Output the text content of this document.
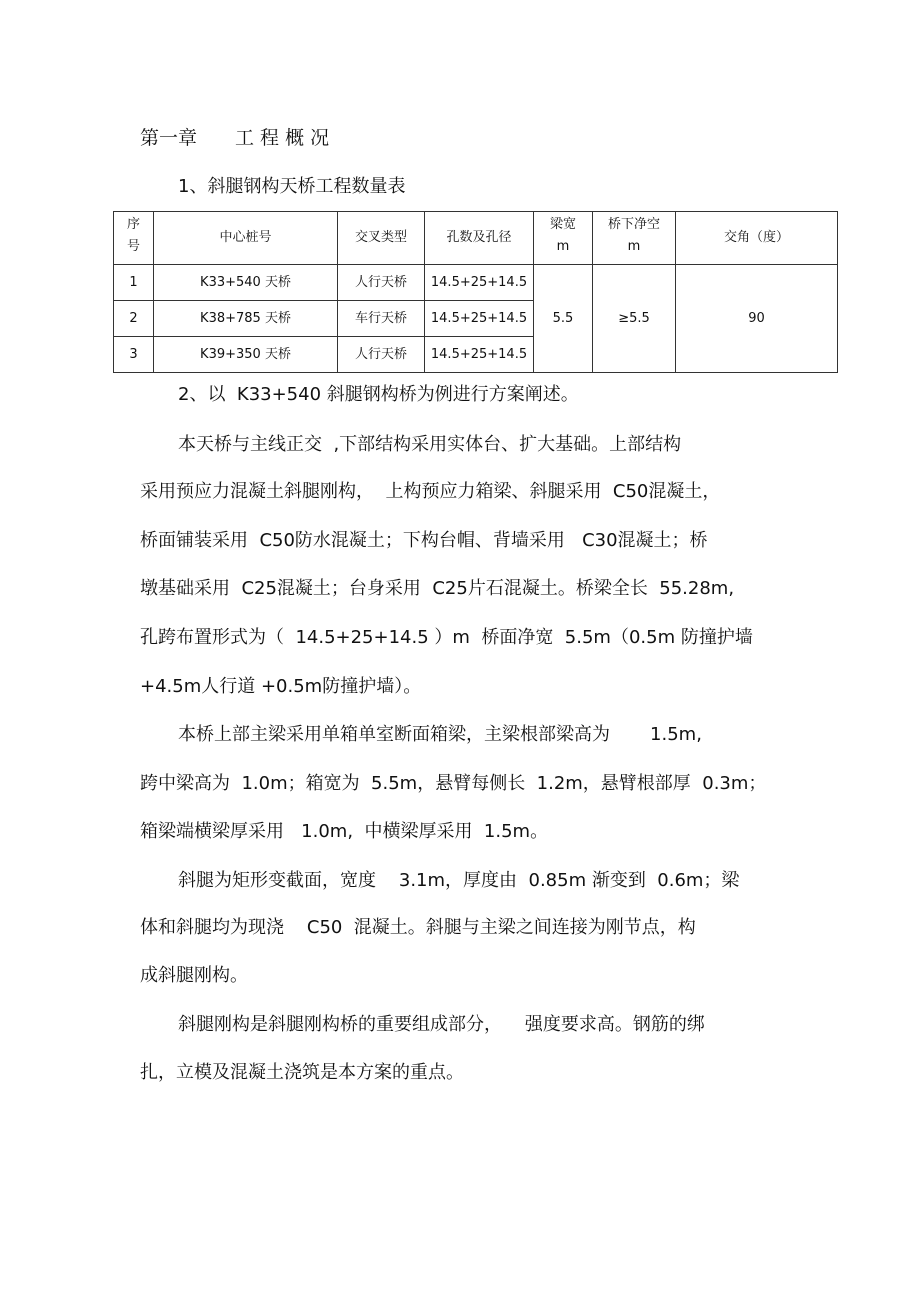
第一章　　工 程 概 况
1、斜腿钢构天桥工程数量表
序
号	中心桩号	交叉类型	孔数及孔径	梁宽m	桥下净空m	交角（度）
1	K33+540 天桥	人行天桥	14.5+25+14.5	5.5	≥5.5	90
2	K38+785 天桥	车行天桥	14.5+25+14.5			
3	K39+350 天桥	人行天桥	14.5+25+14.5			
2、以  K33+540 斜腿钢构桥为例进行方案阐述。
本天桥与主线正交  ,下部结构采用实体台、扩大基础。上部结构
采用预应力混凝土斜腿刚构，  上构预应力箱梁、斜腿采用  C50混凝土，
桥面铺装采用  C50防水混凝土；下构台帽、背墙采用   C30混凝土；桥
墩基础采用  C25混凝土；台身采用  C25片石混凝土。桥梁全长  55.28m,
孔跨布置形式为（  14.5+25+14.5 ）m  桥面净宽  5.5m（0.5m 防撞护墙
+4.5m人行道 +0.5m防撞护墙）。
本桥上部主梁采用单箱单室断面箱梁，主梁根部梁高为       1.5m,
跨中梁高为  1.0m；箱宽为  5.5m，悬臂每侧长  1.2m，悬臂根部厚  0.3m；
箱梁端横梁厚采用   1.0m,  中横梁厚采用  1.5m。
斜腿为矩形变截面，宽度    3.1m，厚度由  0.85m 渐变到  0.6m；梁
体和斜腿均为现浇    C50  混凝土。斜腿与主梁之间连接为刚节点，构
成斜腿刚构。
斜腿刚构是斜腿刚构桥的重要组成部分，    强度要求高。钢筋的绑
扎，立模及混凝土浇筑是本方案的重点。
